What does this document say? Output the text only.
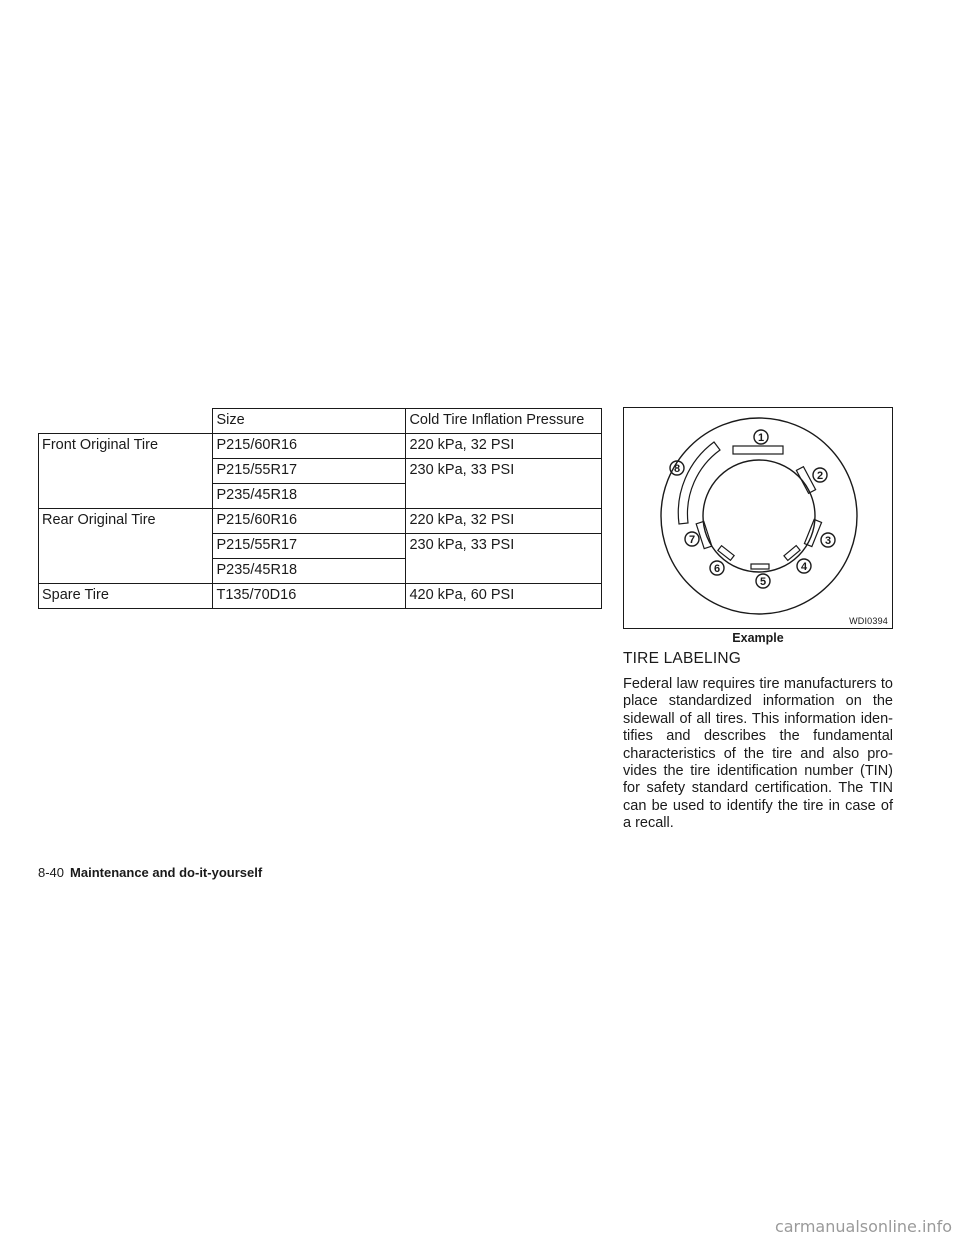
	Size	Cold Tire Inflation Pressure
Front Original Tire	P215/60R16	220 kPa, 32 PSI
	P215/55R17	230 kPa, 33 PSI
	P235/45R18	
Rear Original Tire	P215/60R16	220 kPa, 32 PSI
	P215/55R17	230 kPa, 33 PSI
	P235/45R18	
Spare Tire	T135/70D16	420 kPa, 60 PSI
1
2
3
4
5
6
7
8
WDI0394
Example
TIRE LABELING

Federal law requires tire manufacturers to place standardized information on the sidewall of all tires. This information iden- tifies and describes the fundamental characteristics of the tire and also pro- vides the tire identification number (TIN) for safety standard certification. The TIN can be used to identify the tire in case of a recall.

8-40 Maintenance and do-it-yourself
carmanualsonline.info
